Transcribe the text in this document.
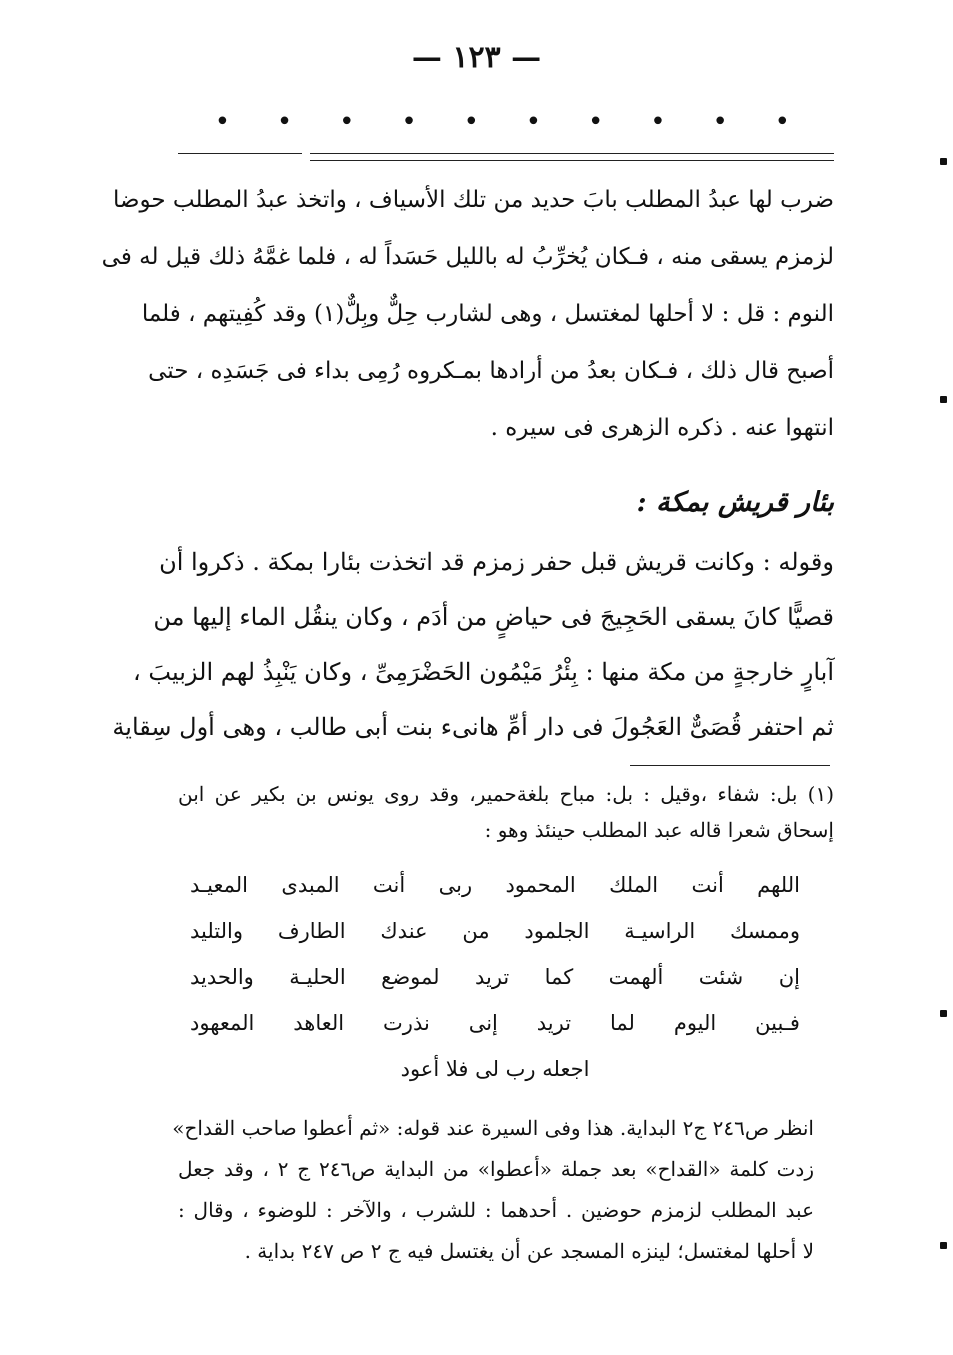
— ١٢٣ —
•
•
•
•
•
•
•
•
•
•
ضرب لها عبدُ المطلب بابَ حديد من تلك الأسياف ، واتخذ عبدُ المطلب حوضا
لزمزم يسقى منه ، فـكان يُخرِّبُ له بالليل حَسَداً له ، فلما غمَّهُ ذلك قيل له فى
النوم : قل : لا أحلها لمغتسل ، وهى لشارب حِلٌّ وبِلٌّ(١) وقد كُفِيتهم ، فلما
أصبح قال ذلك ، فـكان بعدُ من أرادها بمـكروه رُمِى بداء فى جَسَدِه ، حتى
انتهوا عنه . ذكره الزهرى فى سيره .
بئار قريش بمكة :
وقوله : وكانت قريش قبل حفر زمزم قد اتخذت بئارا بمكة . ذكروا أن
قصيًّا كانَ يسقى الحَجِيجَ فى حياضٍ من أدَم ، وكان ينقُل الماء إليها من
آبارٍ خارجةٍ من مكة منها : بِئْرُ مَيْمُون الحَضْرَمِىِّ ، وكان يَنْبِذُ لهم الزبيبَ ،
ثم احتفر قُصَىٌّ العَجُولَ فى دار أمِّ هانىء بنت أبى طالب ، وهى أول سِقاية
(١) بل: شفاء ،وقيل : بل: مباح بلغةحمير، وقد روى يونس بن بكير عن ابن
إسحاق شعرا قاله عبد المطلب حينئذ وهو :
اللهم أنت الملك المحمود ربى أنت المبدى المعيـد
وممسك الراسيـة الجلمود من عندك الطارف والتليد
إن شئت ألهمت كما تريد لموضع الحليـة والحديد
فـبين اليوم لما تريد إنى نذرت العاهد المعهود
اجعله رب لى فلا أعود
انظر ص٢٤٦ ج٢ البداية. هذا وفى السيرة عند قوله: «ثم أعطوا صاحب القداح»
زدت كلمة «القداح» بعد جملة «أعطوا» من البداية ص٢٤٦ ج ٢ ، وقد جعل
عبد المطلب لزمزم حوضين . أحدهما : للشرب ، والآخر : للوضوء ، وقال :
لا أحلها لمغتسل؛ لينزه المسجد عن أن يغتسل فيه ج ٢ ص ٢٤٧ بداية .
